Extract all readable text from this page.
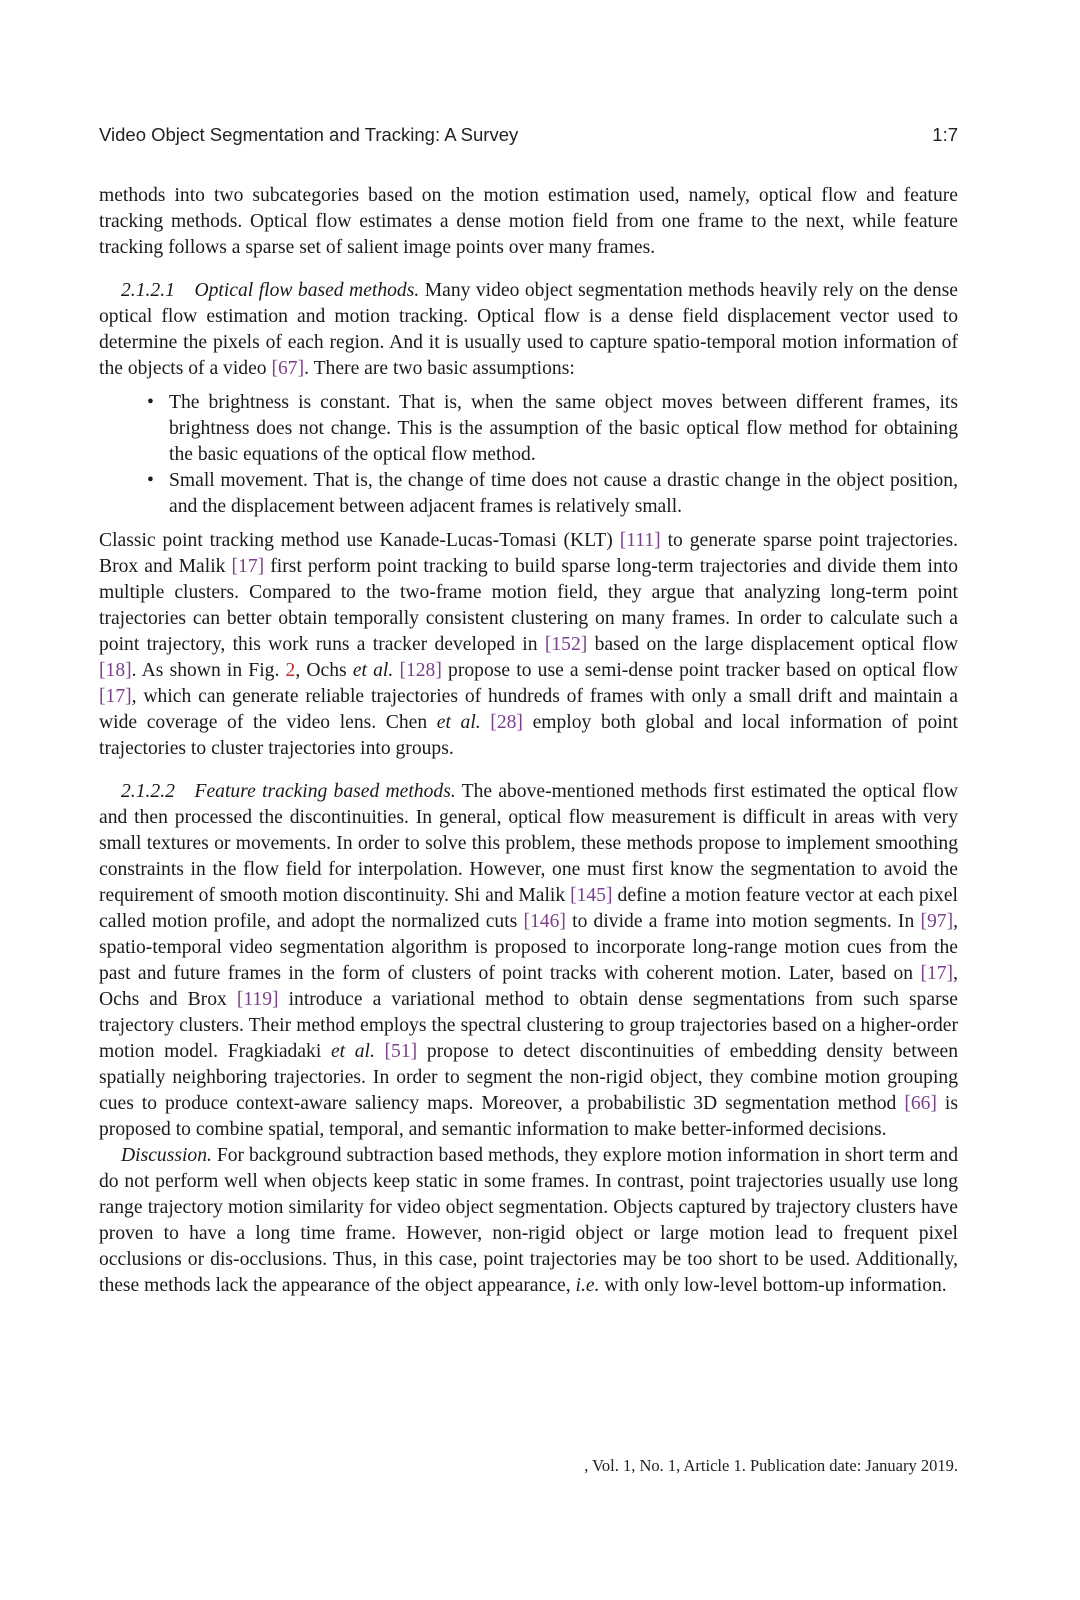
Video Object Segmentation and Tracking: A Survey	1:7

methods into two subcategories based on the motion estimation used, namely, optical flow and feature tracking methods. Optical flow estimates a dense motion field from one frame to the next, while feature tracking follows a sparse set of salient image points over many frames.

2.1.2.1 Optical flow based methods. Many video object segmentation methods heavily rely on the dense optical flow estimation and motion tracking. Optical flow is a dense field displacement vector used to determine the pixels of each region. And it is usually used to capture spatio-temporal motion information of the objects of a video [67]. There are two basic assumptions:

• The brightness is constant. That is, when the same object moves between different frames, its brightness does not change. This is the assumption of the basic optical flow method for obtaining the basic equations of the optical flow method.
• Small movement. That is, the change of time does not cause a drastic change in the object position, and the displacement between adjacent frames is relatively small.

Classic point tracking method use Kanade-Lucas-Tomasi (KLT) [111] to generate sparse point trajectories. Brox and Malik [17] first perform point tracking to build sparse long-term trajectories and divide them into multiple clusters. Compared to the two-frame motion field, they argue that analyzing long-term point trajectories can better obtain temporally consistent clustering on many frames. In order to calculate such a point trajectory, this work runs a tracker developed in [152] based on the large displacement optical flow [18]. As shown in Fig. 2, Ochs et al. [128] propose to use a semi-dense point tracker based on optical flow [17], which can generate reliable trajectories of hundreds of frames with only a small drift and maintain a wide coverage of the video lens. Chen et al. [28] employ both global and local information of point trajectories to cluster trajectories into groups.

2.1.2.2 Feature tracking based methods. The above-mentioned methods first estimated the optical flow and then processed the discontinuities. In general, optical flow measurement is difficult in areas with very small textures or movements. In order to solve this problem, these methods propose to implement smoothing constraints in the flow field for interpolation. However, one must first know the segmentation to avoid the requirement of smooth motion discontinuity. Shi and Malik [145] define a motion feature vector at each pixel called motion profile, and adopt the normalized cuts [146] to divide a frame into motion segments. In [97], spatio-temporal video segmentation algorithm is proposed to incorporate long-range motion cues from the past and future frames in the form of clusters of point tracks with coherent motion. Later, based on [17], Ochs and Brox [119] introduce a variational method to obtain dense segmentations from such sparse trajectory clusters. Their method employs the spectral clustering to group trajectories based on a higher-order motion model. Fragkiadaki et al. [51] propose to detect discontinuities of embedding density between spatially neighboring trajectories. In order to segment the non-rigid object, they combine motion grouping cues to produce context-aware saliency maps. Moreover, a probabilistic 3D segmentation method [66] is proposed to combine spatial, temporal, and semantic information to make better-informed decisions.

Discussion. For background subtraction based methods, they explore motion information in short term and do not perform well when objects keep static in some frames. In contrast, point trajectories usually use long range trajectory motion similarity for video object segmentation. Objects captured by trajectory clusters have proven to have a long time frame. However, non-rigid object or large motion lead to frequent pixel occlusions or dis-occlusions. Thus, in this case, point trajectories may be too short to be used. Additionally, these methods lack the appearance of the object appearance, i.e. with only low-level bottom-up information.

, Vol. 1, No. 1, Article 1. Publication date: January 2019.
